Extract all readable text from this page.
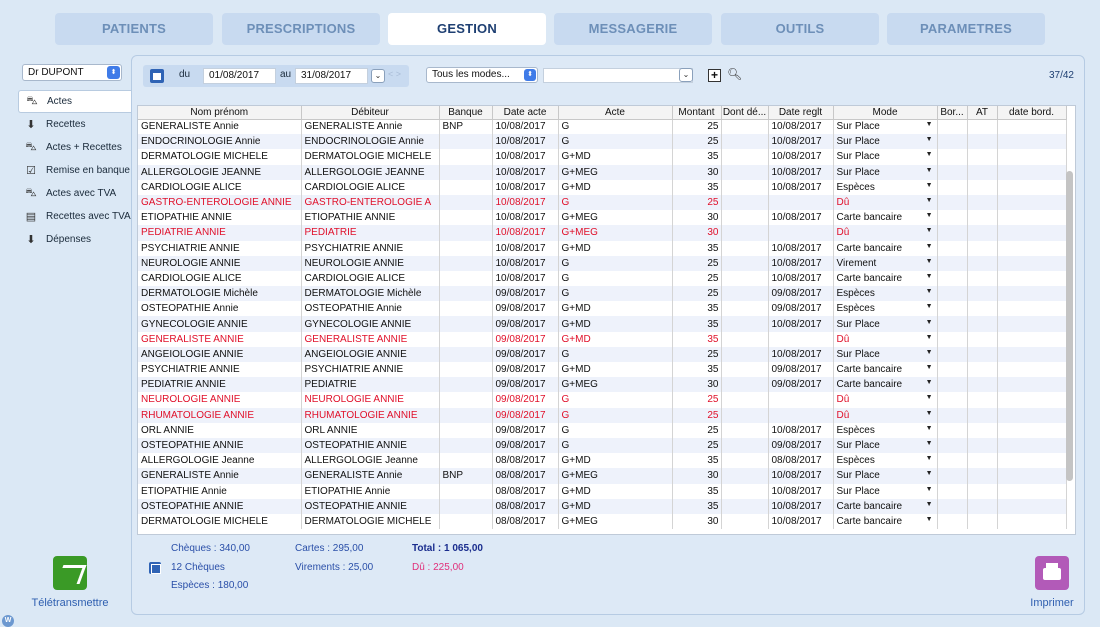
PATIENTS	PRESCRIPTIONS	GESTION	MESSAGERIE	OUTILS	PARAMETRES
Dr DUPONT	⬍
⛍ Actes
⬇ Recettes
⛍ Actes + Recettes
☑ Remise en banque
⛍ Actes avec TVA
▤ Recettes avec TVA
⬇ Dépenses
du	01/08/2017	au 31/08/2017	⌄ < >	Tous les modes...	⬍	⌄	+ 🔍︎	37/42
Nom prénom	Débiteur	Banque	Date acte	Acte	Montant	Dont dé...	Date reglt	Mode	Bor...	AT	date bord.
GENERALISTE Annie	GENERALISTE Annie	BNP	10/08/2017	G	25		10/08/2017	Sur Place ▼			

ENDOCRINOLOGIE Annie	ENDOCRINOLOGIE Annie		10/08/2017	G	25		10/08/2017	Sur Place ▼			

DERMATOLOGIE MICHELE	DERMATOLOGIE MICHELE		10/08/2017	G+MD	35		10/08/2017	Sur Place ▼			

ALLERGOLOGIE JEANNE	ALLERGOLOGIE JEANNE		10/08/2017	G+MEG	30		10/08/2017	Sur Place ▼			

CARDIOLOGIE ALICE	CARDIOLOGIE ALICE		10/08/2017	G+MD	35		10/08/2017	Espèces ▼			

GASTRO-ENTEROLOGIE ANNIE	GASTRO-ENTEROLOGIE A		10/08/2017	G	25			Dû ▼			

ETIOPATHIE ANNIE	ETIOPATHIE ANNIE		10/08/2017	G+MEG	30		10/08/2017	Carte bancaire ▼			

PEDIATRIE ANNIE	PEDIATRIE		10/08/2017	G+MEG	30			Dû ▼			

PSYCHIATRIE ANNIE	PSYCHIATRIE ANNIE		10/08/2017	G+MD	35		10/08/2017	Carte bancaire ▼			

NEUROLOGIE ANNIE	NEUROLOGIE ANNIE		10/08/2017	G	25		10/08/2017	Virement ▼			

CARDIOLOGIE ALICE	CARDIOLOGIE ALICE		10/08/2017	G	25		10/08/2017	Carte bancaire ▼			

DERMATOLOGIE Michèle	DERMATOLOGIE Michèle		09/08/2017	G	25		09/08/2017	Espèces ▼			

OSTEOPATHIE Annie	OSTEOPATHIE Annie		09/08/2017	G+MD	35		09/08/2017	Espèces ▼			

GYNECOLOGIE ANNIE	GYNECOLOGIE ANNIE		09/08/2017	G+MD	35		10/08/2017	Sur Place ▼			

GENERALISTE ANNIE	GENERALISTE ANNIE		09/08/2017	G+MD	35			Dû ▼			

ANGEIOLOGIE ANNIE	ANGEIOLOGIE ANNIE		09/08/2017	G	25		10/08/2017	Sur Place ▼			

PSYCHIATRIE ANNIE	PSYCHIATRIE ANNIE		09/08/2017	G+MD	35		09/08/2017	Carte bancaire ▼			

PEDIATRIE ANNIE	PEDIATRIE		09/08/2017	G+MEG	30		09/08/2017	Carte bancaire ▼			

NEUROLOGIE ANNIE	NEUROLOGIE ANNIE		09/08/2017	G	25			Dû ▼			

RHUMATOLOGIE ANNIE	RHUMATOLOGIE ANNIE		09/08/2017	G	25			Dû ▼			

ORL ANNIE	ORL ANNIE		09/08/2017	G	25		10/08/2017	Espèces ▼			

OSTEOPATHIE ANNIE	OSTEOPATHIE ANNIE		09/08/2017	G	25		09/08/2017	Sur Place ▼			

ALLERGOLOGIE Jeanne	ALLERGOLOGIE Jeanne		08/08/2017	G+MD	35		08/08/2017	Espèces ▼			

GENERALISTE Annie	GENERALISTE Annie	BNP	08/08/2017	G+MEG	30		10/08/2017	Sur Place ▼			

ETIOPATHIE Annie	ETIOPATHIE Annie		08/08/2017	G+MD	35		10/08/2017	Sur Place ▼			

OSTEOPATHIE ANNIE	OSTEOPATHIE ANNIE		08/08/2017	G+MD	35		10/08/2017	Carte bancaire ▼			

DERMATOLOGIE MICHELE	DERMATOLOGIE MICHELE		08/08/2017	G+MEG	30		10/08/2017	Carte bancaire ▼			

Chèques : 340,00
12 Chèques
Espèces : 180,00
Cartes : 295,00
Virements : 25,00
Total : 1 065,00
Dû : 225,00
Télétransmettre	Imprimer
W
